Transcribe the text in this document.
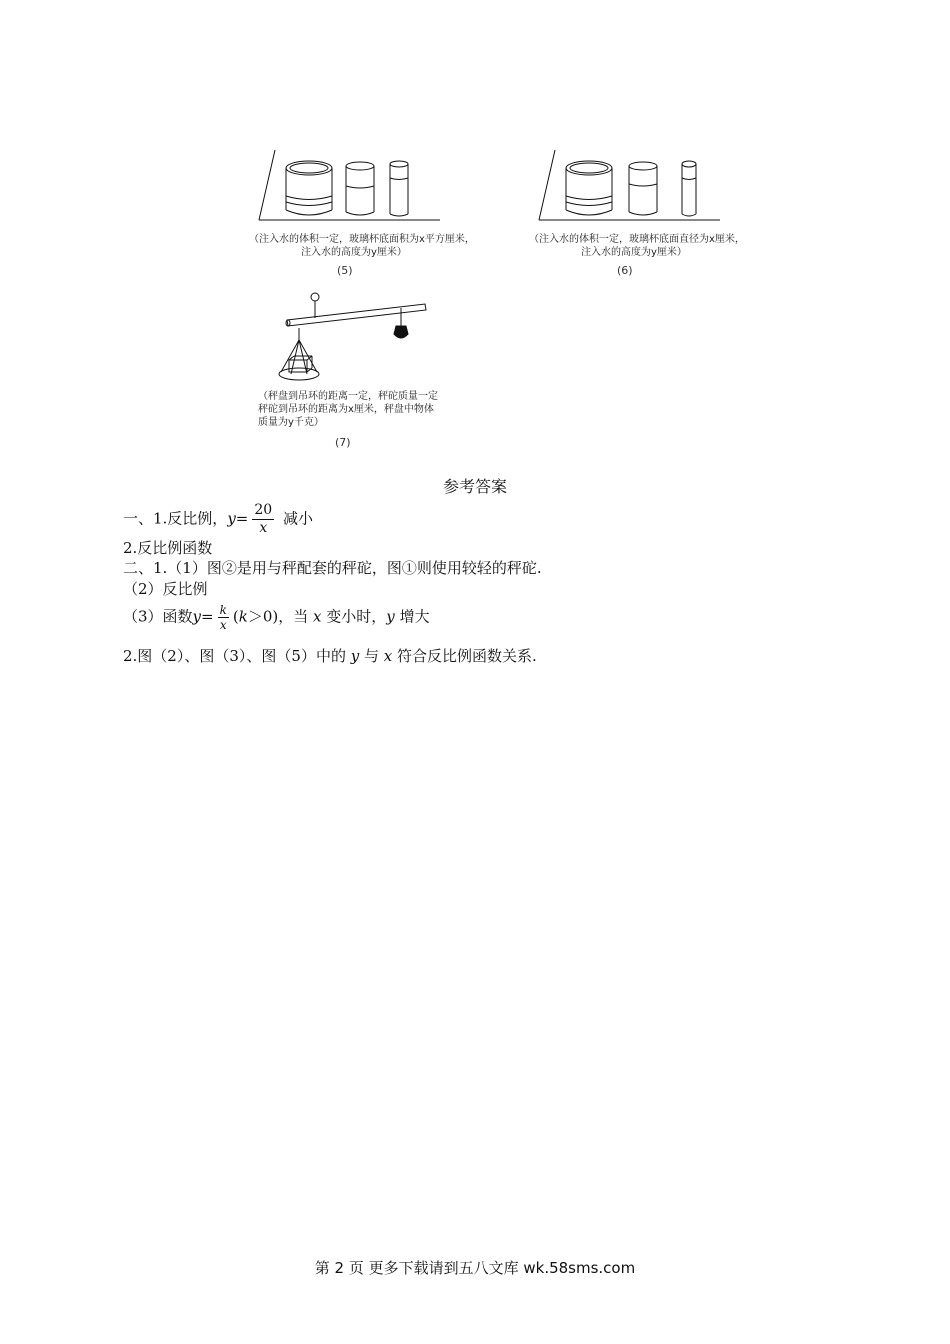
（注入水的体积一定，玻璃杯底面积为x平方厘米，
注入水的高度为y厘米）
(5)
（注入水的体积一定，玻璃杯底面直径为x厘米，
注入水的高度为y厘米）
(6)
（秤盘到吊环的距离一定，秤砣质量一定
秤砣到吊环的距离为x厘米，秤盘中物体
质量为y千克）
(7)
参考答案
一、1.反比例，$y= \frac{20}{x}$ 减小
2.反比例函数
二、1.（1）图②是用与秤配套的秤砣，图①则使用较轻的秤砣.
（2）反比例
（3）函数$y= \frac{k}{x} (k>0)$，当 x 变小时，y 增大
2.图（2）、图（3）、图（5）中的 y 与 x 符合反比例函数关系.
第 2 页 更多下载请到五八文库 wk.58sms.com
